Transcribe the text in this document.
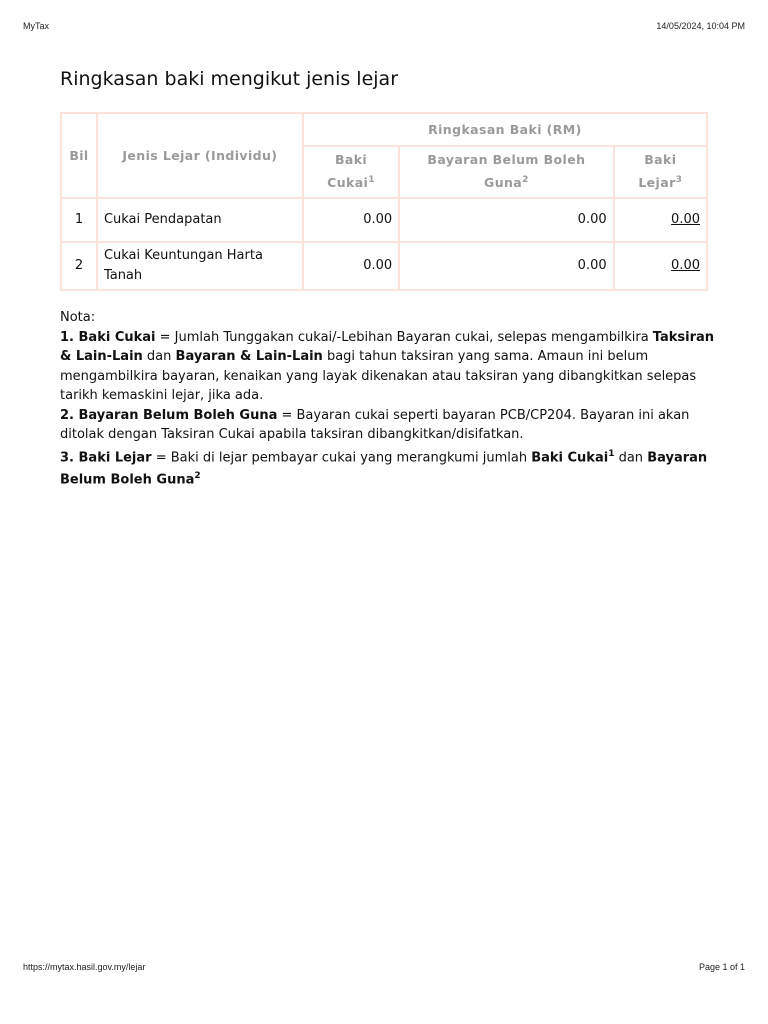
MyTax	14/05/2024, 10:04 PM
Ringkasan baki mengikut jenis lejar
Bil	Jenis Lejar (Individu)	Ringkasan Baki (RM)		
		Baki Cukai$^1$	Bayaran Belum Boleh Guna$^2$	Baki Lejar$^3$
1	Cukai Pendapatan	0.00	0.00	0.00
2	Cukai Keuntungan Harta Tanah	0.00	0.00	0.00

Nota:

1. Baki Cukai = Jumlah Tunggakan cukai/-Lebihan Bayaran cukai, selepas mengambilkira Taksiran & Lain-Lain dan Bayaran & Lain-Lain bagi tahun taksiran yang sama. Amaun ini belum mengambilkira bayaran, kenaikan yang layak dikenakan atau taksiran yang dibangkitkan selepas tarikh kemaskini lejar, jika ada.

2. Bayaran Belum Boleh Guna = Bayaran cukai seperti bayaran PCB/CP204. Bayaran ini akan ditolak dengan Taksiran Cukai apabila taksiran dibangkitkan/disifatkan.

3. Baki Lejar = Baki di lejar pembayar cukai yang merangkumi jumlah Baki Cukai$^1$ dan Bayaran Belum Boleh Guna$^2$

https://mytax.hasil.gov.my/lejar	Page 1 of 1
